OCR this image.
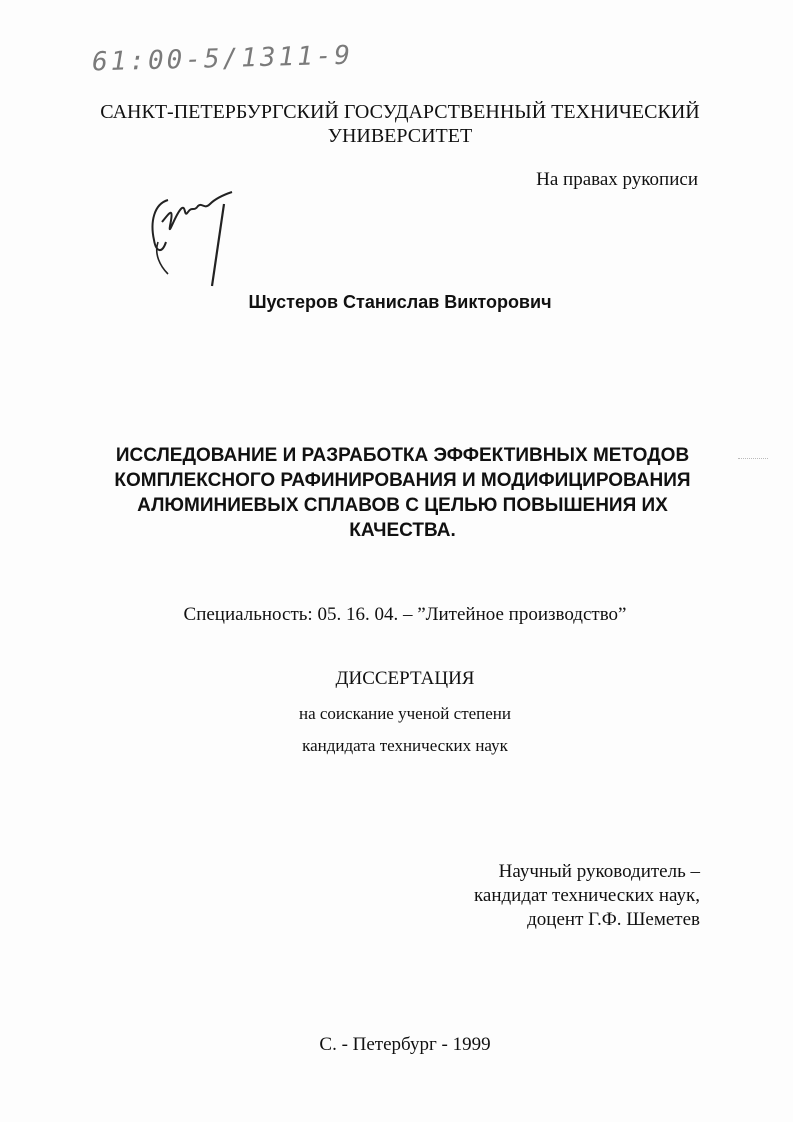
61:00-5/1311-9
САНКТ-ПЕТЕРБУРГСКИЙ ГОСУДАРСТВЕННЫЙ ТЕХНИЧЕСКИЙ
УНИВЕРСИТЕТ
На правах рукописи
Шустеров Станислав Викторович
ИССЛЕДОВАНИЕ И РАЗРАБОТКА ЭФФЕКТИВНЫХ МЕТОДОВ
КОМПЛЕКСНОГО РАФИНИРОВАНИЯ И МОДИФИЦИРОВАНИЯ
АЛЮМИНИЕВЫХ СПЛАВОВ С ЦЕЛЬЮ ПОВЫШЕНИЯ ИХ
КАЧЕСТВА.
Специальность: 05. 16. 04. – ”Литейное производство”
ДИССЕРТАЦИЯ
на соискание ученой степени
кандидата технических наук
Научный руководитель –
кандидат технических наук,
доцент Г.Ф. Шеметев
С. - Петербург - 1999
